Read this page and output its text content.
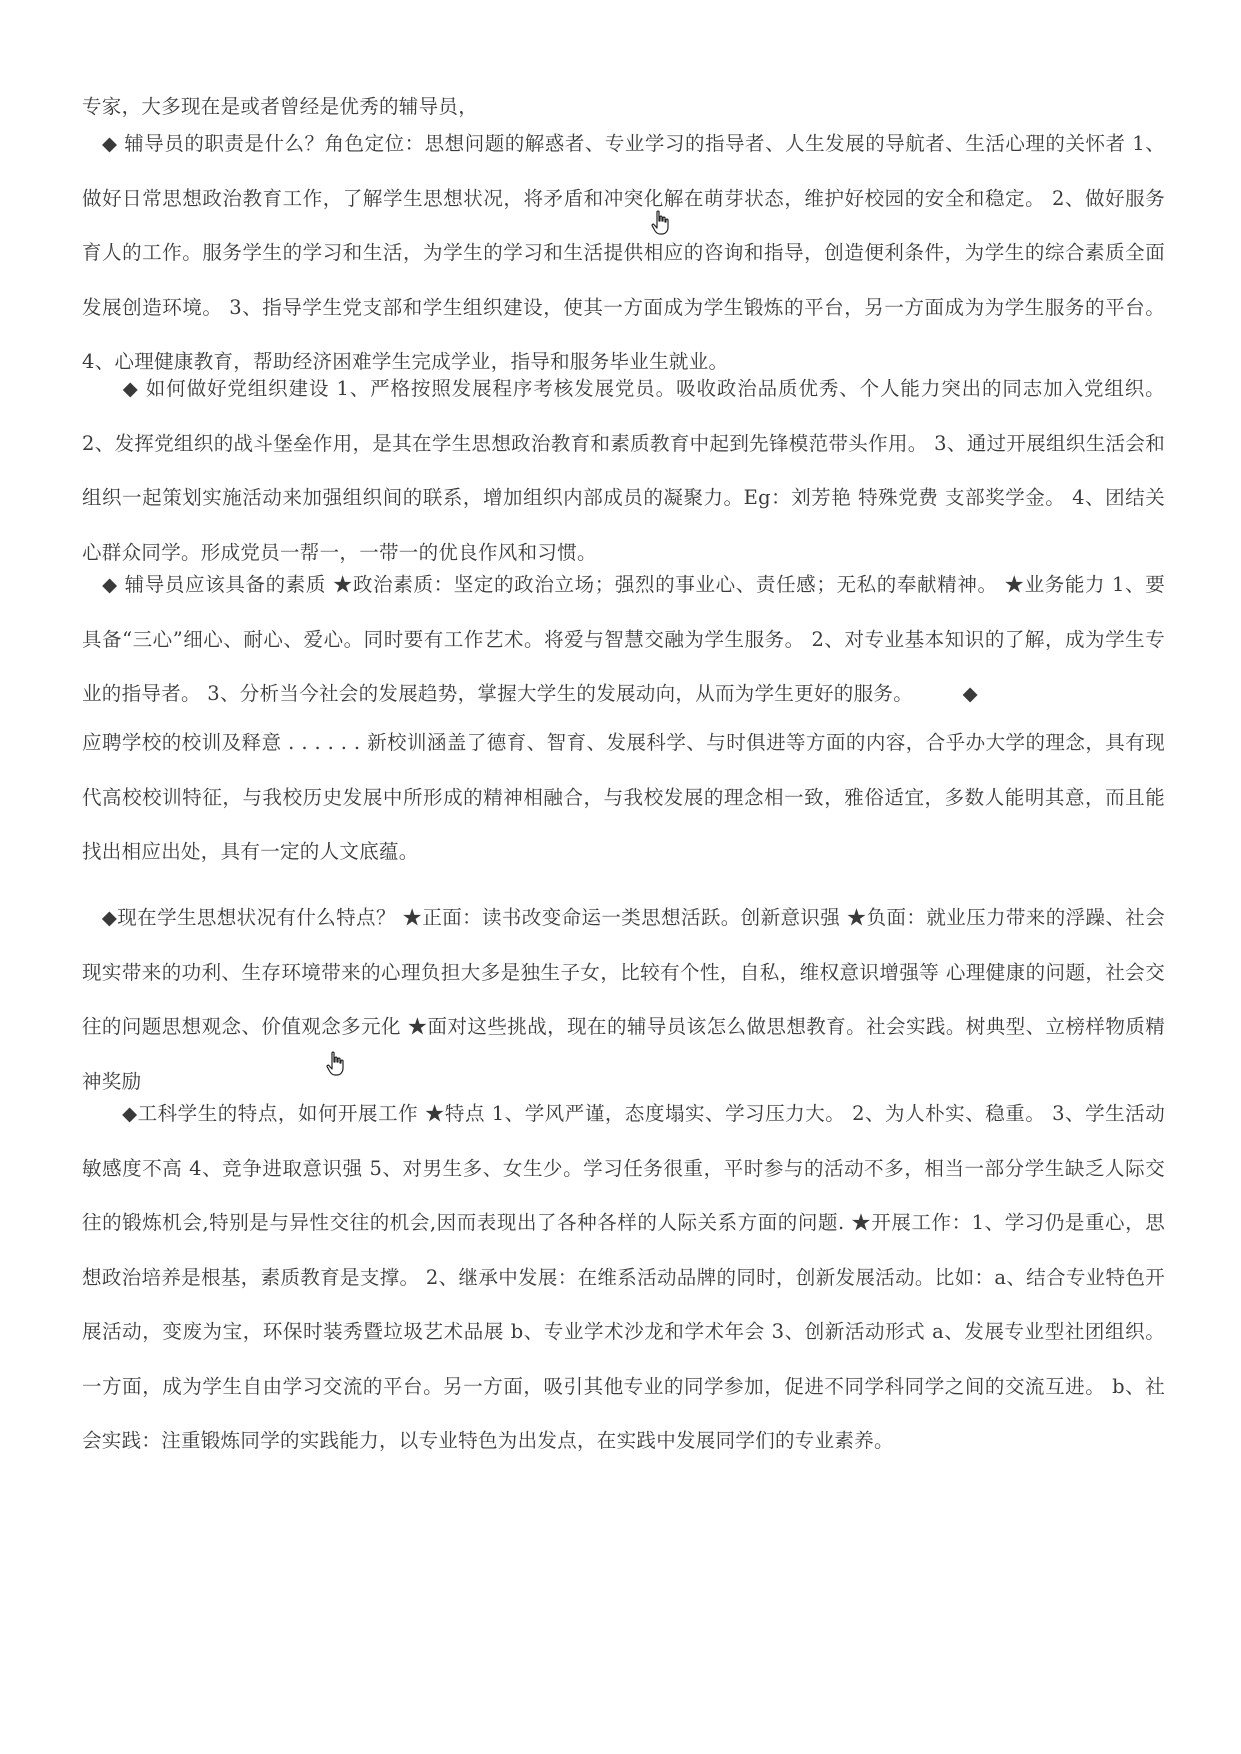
专家，大多现在是或者曾经是优秀的辅导员，

　◆ 辅导员的职责是什么？角色定位：思想问题的解惑者、专业学习的指导者、人生发展的导航者、生活心理的关怀者 1、做好日常思想政治教育工作，了解学生思想状况，将矛盾和冲突化解在萌芽状态，维护好校园的安全和稳定。 2、做好服务育人的工作。服务学生的学习和生活，为学生的学习和生活提供相应的咨询和指导，创造便利条件，为学生的综合素质全面发展创造环境。 3、指导学生党支部和学生组织建设，使其一方面成为学生锻炼的平台，另一方面成为为学生服务的平台。 4、心理健康教育，帮助经济困难学生完成学业，指导和服务毕业生就业。

　　◆ 如何做好党组织建设 1、严格按照发展程序考核发展党员。吸收政治品质优秀、个人能力突出的同志加入党组织。 2、发挥党组织的战斗堡垒作用，是其在学生思想政治教育和素质教育中起到先锋模范带头作用。 3、通过开展组织生活会和组织一起策划实施活动来加强组织间的联系，增加组织内部成员的凝聚力。Eg：刘芳艳 特殊党费 支部奖学金。 4、团结关心群众同学。形成党员一帮一，一带一的优良作风和习惯。

　◆ 辅导员应该具备的素质 ★政治素质：坚定的政治立场；强烈的事业心、责任感；无私的奉献精神。 ★业务能力 1、要具备“三心”细心、耐心、爱心。同时要有工作艺术。将爱与智慧交融为学生服务。 2、对专业基本知识的了解，成为学生专业的指导者。 3、分析当今社会的发展趋势，掌握大学生的发展动向，从而为学生更好的服务。　　　◆

应聘学校的校训及释意 . . . . . . 新校训涵盖了德育、智育、发展科学、与时俱进等方面的内容，合乎办大学的理念，具有现代高校校训特征，与我校历史发展中所形成的精神相融合，与我校发展的理念相一致，雅俗适宜，多数人能明其意，而且能找出相应出处，具有一定的人文底蕴。

　◆现在学生思想状况有什么特点？ ★正面：读书改变命运一类思想活跃。创新意识强 ★负面：就业压力带来的浮躁、社会现实带来的功利、生存环境带来的心理负担大多是独生子女，比较有个性，自私，维权意识增强等 心理健康的问题，社会交往的问题思想观念、价值观念多元化 ★面对这些挑战，现在的辅导员该怎么做思想教育。社会实践。树典型、立榜样物质精神奖励

　　◆工科学生的特点，如何开展工作 ★特点 1、学风严谨，态度塌实、学习压力大。 2、为人朴实、稳重。 3、学生活动敏感度不高 4、竞争进取意识强 5、对男生多、女生少。学习任务很重，平时参与的活动不多，相当一部分学生缺乏人际交往的锻炼机会,特别是与异性交往的机会,因而表现出了各种各样的人际关系方面的问题. ★开展工作：1、学习仍是重心，思想政治培养是根基，素质教育是支撑。 2、继承中发展：在维系活动品牌的同时，创新发展活动。比如：a、结合专业特色开展活动，变废为宝，环保时装秀暨垃圾艺术品展 b、专业学术沙龙和学术年会 3、创新活动形式 a、发展专业型社团组织。一方面，成为学生自由学习交流的平台。另一方面，吸引其他专业的同学参加，促进不同学科同学之间的交流互进。 b、社会实践：注重锻炼同学的实践能力，以专业特色为出发点，在实践中发展同学们的专业素养。
